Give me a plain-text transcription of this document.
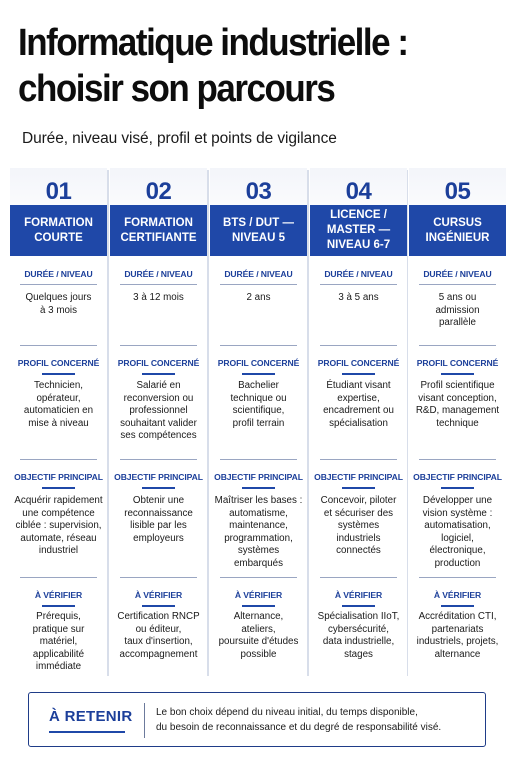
Informatique industrielle :
choisir son parcours
Durée, niveau visé, profil et points de vigilance
01
FORMATION
COURTE
DURÉE / NIVEAU
Quelques jours
à 3 mois
PROFIL CONCERNÉ
Technicien,
opérateur,
automaticien en
mise à niveau
OBJECTIF PRINCIPAL
Acquérir rapidement
une compétence
ciblée : supervision,
automate, réseau
industriel
À VÉRIFIER
Prérequis,
pratique sur
matériel,
applicabilité
immédiate
02
FORMATION
CERTIFIANTE
DURÉE / NIVEAU
3 à 12 mois
PROFIL CONCERNÉ
Salarié en
reconversion ou
professionnel
souhaitant valider
ses compétences
OBJECTIF PRINCIPAL
Obtenir une
reconnaissance
lisible par les
employeurs
À VÉRIFIER
Certification RNCP
ou éditeur,
taux d'insertion,
accompagnement
03
BTS / DUT —
NIVEAU 5
DURÉE / NIVEAU
2 ans
PROFIL CONCERNÉ
Bachelier
technique ou
scientifique,
profil terrain
OBJECTIF PRINCIPAL
Maîtriser les bases :
automatisme,
maintenance,
programmation,
systèmes
embarqués
À VÉRIFIER
Alternance,
ateliers,
poursuite d'études
possible
04
LICENCE /
MASTER —
NIVEAU 6-7
DURÉE / NIVEAU
3 à 5 ans
PROFIL CONCERNÉ
Étudiant visant
expertise,
encadrement ou
spécialisation
OBJECTIF PRINCIPAL
Concevoir, piloter
et sécuriser des
systèmes
industriels
connectés
À VÉRIFIER
Spécialisation IIoT,
cybersécurité,
data industrielle,
stages
05
CURSUS
INGÉNIEUR
DURÉE / NIVEAU
5 ans ou
admission
parallèle
PROFIL CONCERNÉ
Profil scientifique
visant conception,
R&D, management
technique
OBJECTIF PRINCIPAL
Développer une
vision système :
automatisation,
logiciel,
électronique,
production
À VÉRIFIER
Accréditation CTI,
partenariats
industriels, projets,
alternance
À RETENIR Le bon choix dépend du niveau initial, du temps disponible,
du besoin de reconnaissance et du degré de responsabilité visé.
